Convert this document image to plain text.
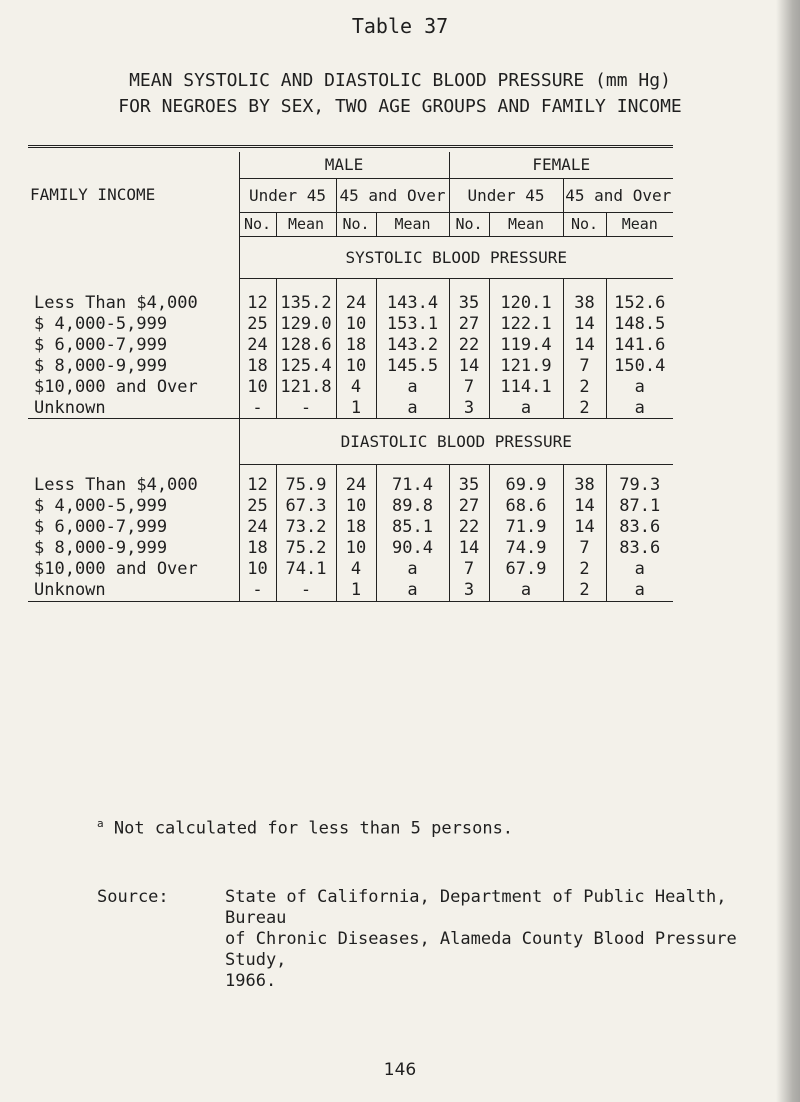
Table 37
MEAN SYSTOLIC AND DIASTOLIC BLOOD PRESSURE (mm Hg)
FOR NEGROES BY SEX, TWO AGE GROUPS AND FAMILY INCOME

FAMILY INCOME	MALE				FEMALE			
	Under 45		45 and Over		Under 45		45 and Over	
	No.	Mean	No.	Mean	No.	Mean	No.	Mean
	SYSTOLIC BLOOD PRESSURE							

Less Than $4,000	12	135.2	24	143.4	35	120.1	38	152.6
$ 4,000-5,999	25	129.0	10	153.1	27	122.1	14	148.5
$ 6,000-7,999	24	128.6	18	143.2	22	119.4	14	141.6
$ 8,000-9,999	18	125.4	10	145.5	14	121.9	7	150.4
$10,000 and Over	10	121.8	4	a	7	114.1	2	a
Unknown	-	-	1	a	3	a	2	a
	DIASTOLIC BLOOD PRESSURE							

Less Than $4,000	12	75.9	24	71.4	35	69.9	38	79.3
$ 4,000-5,999	25	67.3	10	89.8	27	68.6	14	87.1
$ 6,000-7,999	24	73.2	18	85.1	22	71.9	14	83.6
$ 8,000-9,999	18	75.2	10	90.4	14	74.9	7	83.6
$10,000 and Over	10	74.1	4	a	7	67.9	2	a
Unknown	-	-	1	a	3	a	2	a
$^a$ Not calculated for less than 5 persons.
Source:	State of California, Department of Public Health, Bureau
of Chronic Diseases, Alameda County Blood Pressure Study,
1966.
146
